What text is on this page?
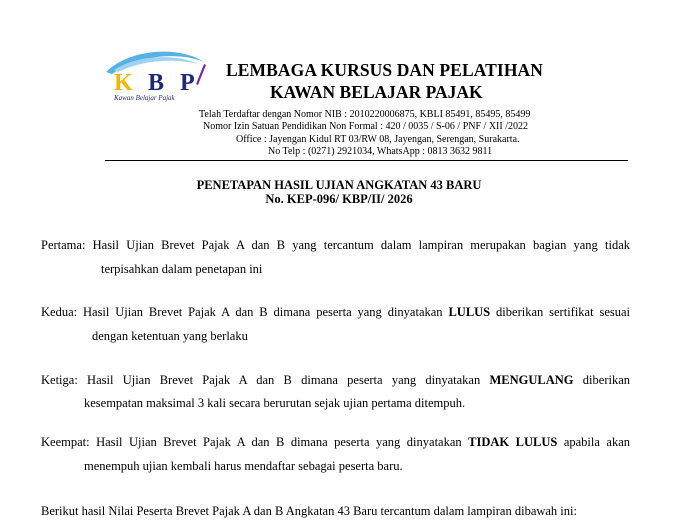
K B P
Kawan Belajar Pajak
LEMBAGA KURSUS DAN PELATIHAN
KAWAN BELAJAR PAJAK
Telah Terdaftar dengan Nomor NIB : 2010220006875, KBLI 85491, 85495, 85499
Nomor Izin Satuan Pendidikan Non Formal : 420 / 0035 / S-06 / PNF / XII /2022
Office : Jayengan Kidul RT 03/RW 08, Jayengan, Serengan, Surakarta.
No Telp : (0271) 2921034, WhatsApp : 0813 3632 9811
PENETAPAN HASIL UJIAN ANGKATAN 43 BARU
No. KEP-096/ KBP/II/ 2026
Pertama: Hasil Ujian Brevet Pajak A dan B yang tercantum dalam lampiran merupakan bagian yang tidak
terpisahkan dalam penetapan ini
Kedua: Hasil Ujian Brevet Pajak A dan B dimana peserta yang dinyatakan LULUS diberikan sertifikat sesuai
dengan ketentuan yang berlaku
Ketiga: Hasil Ujian Brevet Pajak A dan B dimana peserta yang dinyatakan MENGULANG diberikan
kesempatan maksimal 3 kali secara berurutan sejak ujian pertama ditempuh.
Keempat: Hasil Ujian Brevet Pajak A dan B dimana peserta yang dinyatakan TIDAK LULUS apabila akan
menempuh ujian kembali harus mendaftar sebagai peserta baru.
Berikut hasil Nilai Peserta Brevet Pajak A dan B Angkatan 43 Baru tercantum dalam lampiran dibawah ini:
